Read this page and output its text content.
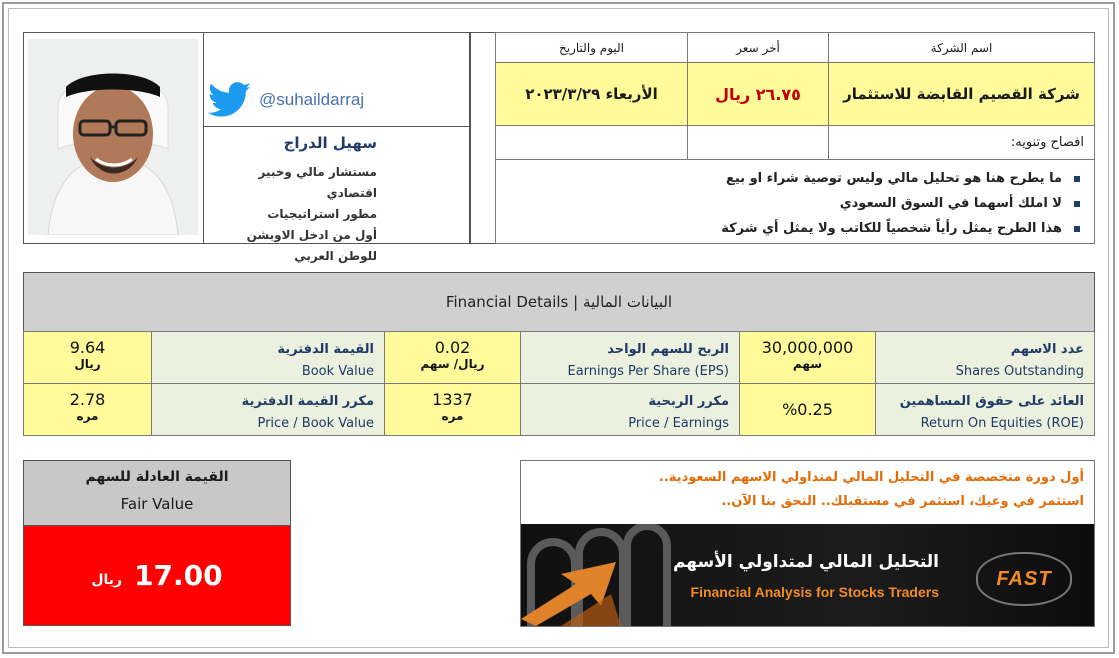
@suhaildarraj
سهيل الدراج
مستشار مالي وخبير اقتصادي
مطور استراتيجيات
أول من ادخل الاوبشن للوطن العربي
اسم الشركة
أخر سعر
اليوم والتاريخ
شركة القصيم القابضة للاستثمار
٢٦.٧٥ ريال
الأربعاء ٢٠٢٣/٣/٢٩
افصاح وتنويه:
ما يطرح هنا هو تحليل مالي وليس توصية شراء او بيع
لا املك أسهما في السوق السعودي
هذا الطرح يمثل رأياً شخصياً للكاتب ولا يمثل أي شركة
Financial Details | البيانات المالية
عدد الاسهم
Shares Outstanding
30,000,000
سهم
الربح للسهم الواحد
Earnings Per Share (EPS)
0.02
ريال/ سهم
القيمة الدفترية
Book Value
9.64
ريال
العائد على حقوق المساهمين
Return On Equities (ROE)
%0.25
مكرر الربحية
Price / Earnings
1337
مره
مكرر القيمة الدفترية
Price / Book Value
2.78
مره
القيمة العادلة للسهم
Fair Value
ريال 17.00
أول دورة متخصصة في التحليل المالي لمتداولي الاسهم السعودية..
استثمر في وعيك، استثمر في مستقبلك.. التحق بنا الآن..
التحليل المالي لمتداولي الأسهم
Financial Analysis for Stocks Traders
FAST
